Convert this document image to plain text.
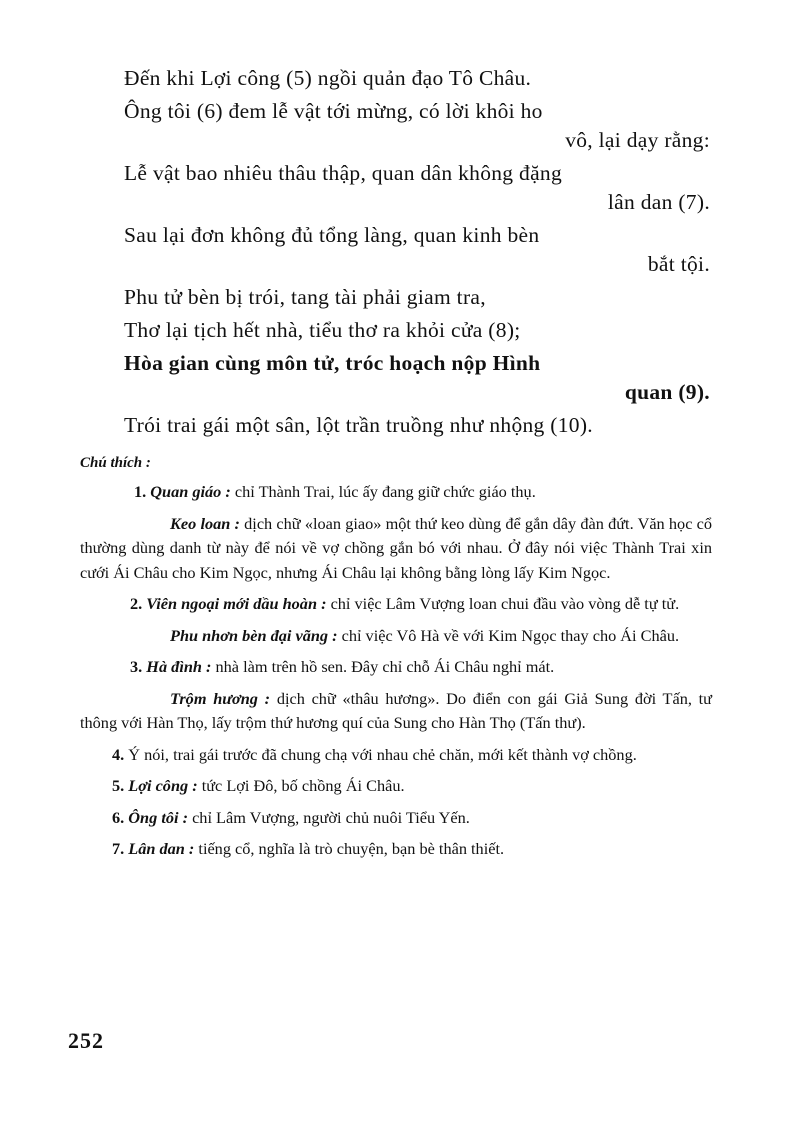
Đến khi Lợi công (5) ngồi quản đạo Tô Châu.

Ông tôi (6) đem lễ vật tới mừng, có lời khôi ho
vô, lại dạy rằng:

Lễ vật bao nhiêu thâu thập, quan dân không đặng
lân dan (7).

Sau lại đơn không đủ tổng làng, quan kinh bèn
bắt tội.

Phu tử bèn bị trói, tang tài phải giam tra,

Thơ lại tịch hết nhà, tiểu thơ ra khỏi cửa (8);

Hòa gian cùng môn tử, tróc hoạch nộp Hình
quan (9).

Trói trai gái một sân, lột trần truồng như nhộng (10).

Chú thích :

1. Quan giáo : chỉ Thành Trai, lúc ấy đang giữ chức giáo thụ.

Keo loan : dịch chữ «loan giao» một thứ keo dùng để gắn dây đàn đứt. Văn học cổ thường dùng danh từ này để nói về vợ chồng gắn bó với nhau. Ở đây nói việc Thành Trai xin cưới Ái Châu cho Kim Ngọc, nhưng Ái Châu lại không bằng lòng lấy Kim Ngọc.

2. Viên ngoại mới dầu hoàn : chỉ việc Lâm Vượng loan chui đầu vào vòng dễ tự tử.

Phu nhơn bèn đại vãng : chỉ việc Vô Hà về với Kim Ngọc thay cho Ái Châu.

3. Hà đình : nhà làm trên hồ sen. Đây chỉ chỗ Ái Châu nghỉ mát.

Trộm hương : dịch chữ «thâu hương». Do điển con gái Giả Sung đời Tấn, tư thông với Hàn Thọ, lấy trộm thứ hương quí của Sung cho Hàn Thọ (Tấn thư).

4. Ý nói, trai gái trước đã chung chạ với nhau chẻ chăn, mới kết thành vợ chồng.

5. Lợi công : tức Lợi Đô, bố chồng Ái Châu.

6. Ông tôi : chỉ Lâm Vượng, người chủ nuôi Tiểu Yến.

7. Lân dan : tiếng cổ, nghĩa là trò chuyện, bạn bè thân thiết.

252
